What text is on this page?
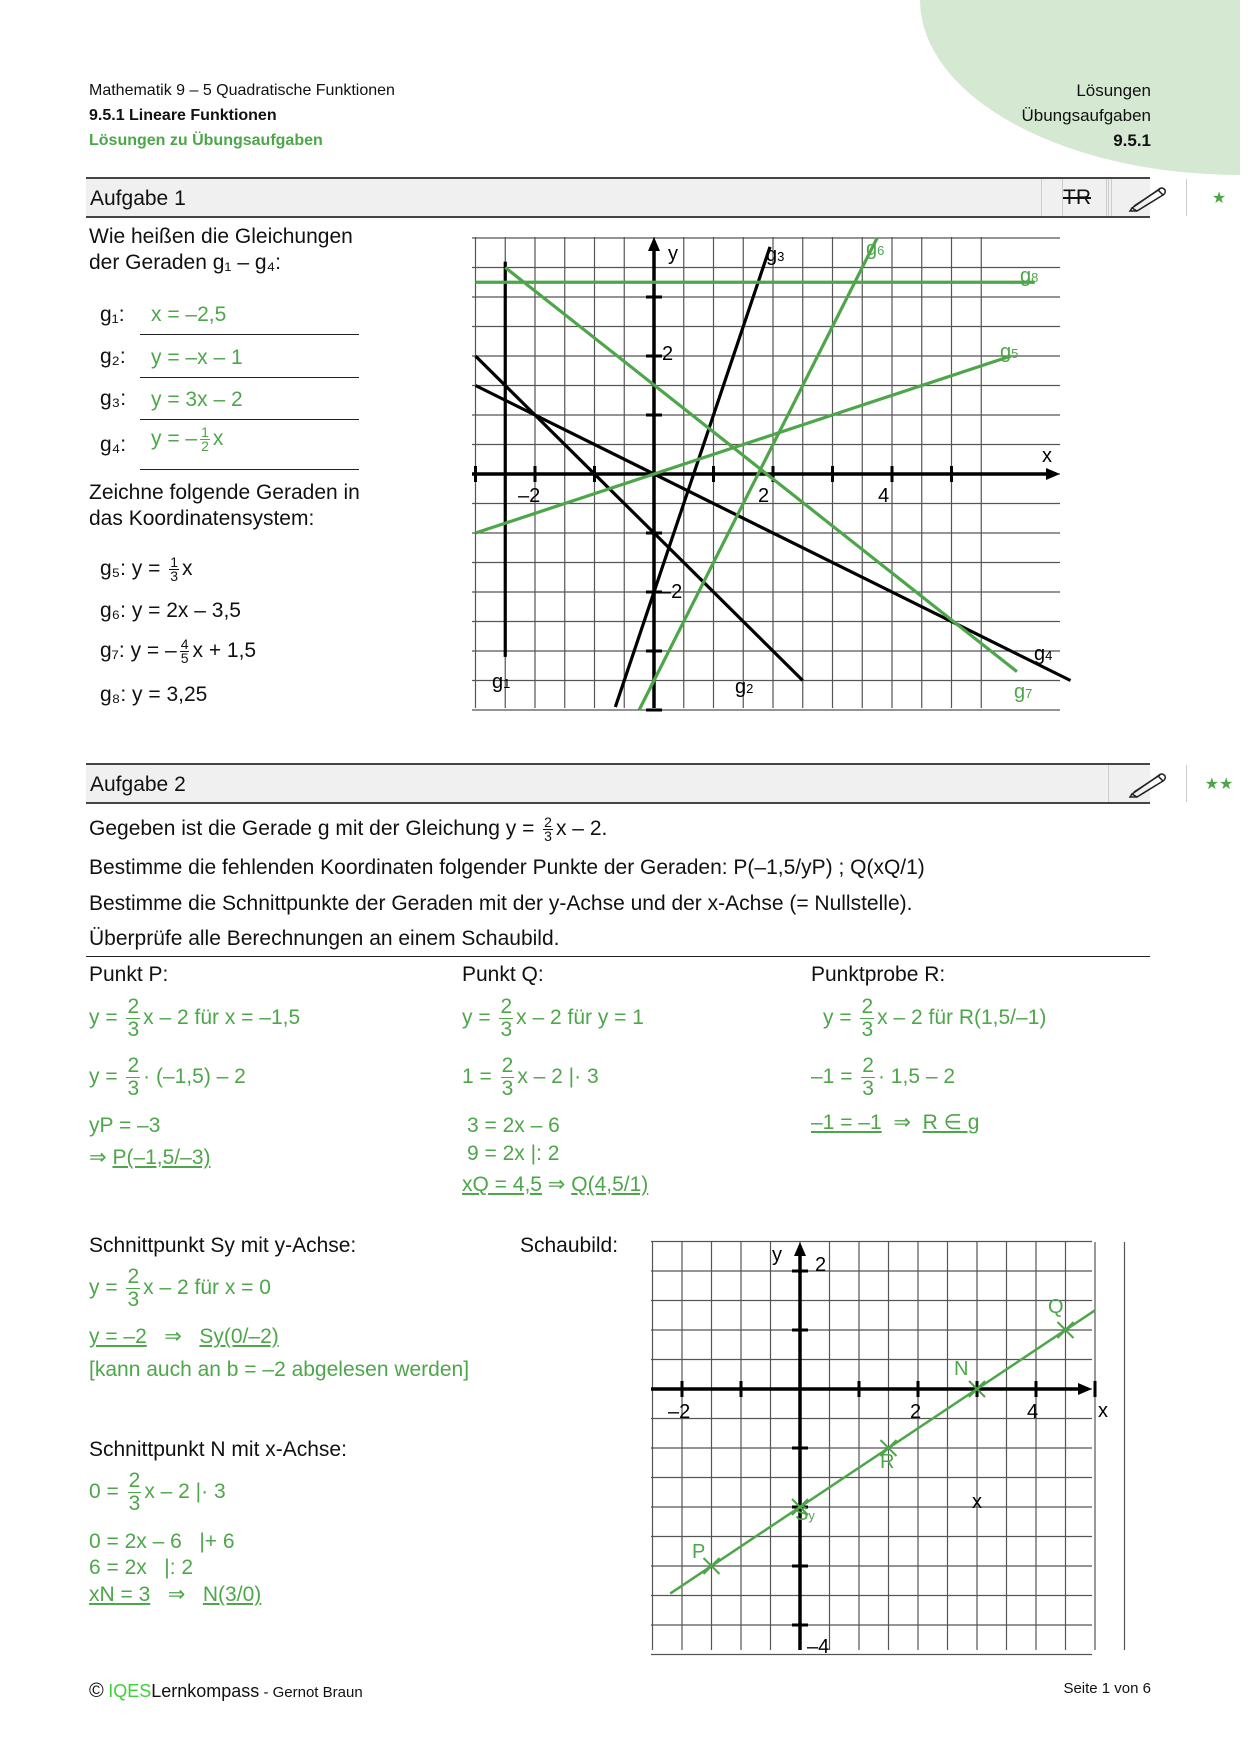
Mathematik 9 – 5 Quadratische Funktionen
9.5.1 Lineare Funktionen
Lösungen zu Übungsaufgaben
Lösungen
Übungsaufgaben
9.5.1
Aufgabe 1	TR	★
Wie heißen die Gleichungen
der Geraden g₁ – g₄:
g₁: x = –2,5
g₂: y = –x – 1
g₃: y = 3x – 2
g₄: y = – $\frac{1}{2}$ x
Zeichne folgende Geraden in
das Koordinatensystem:
g₅: $y = \frac{1}{3}$ x
g₆: y = 2x – 3,5
g₇: y = – $\frac{4}{5}$ x + 1,5
g₈: y = 3,25
y
x
–2	2	4
2
–2
g1	g2
g3
g4
g5
g6
g7
g8
Aufgabe 2	★★
Gegeben ist die Gerade g mit der Gleichung $y = \frac{2}{3}$ x – 2.
Bestimme die fehlenden Koordinaten folgender Punkte der Geraden: P(–1,5/yP) ; Q(xQ/1)
Bestimme die Schnittpunkte der Geraden mit der y-Achse und der x-Achse (= Nullstelle).
Überprüfe alle Berechnungen an einem Schaubild.
Punkt P:
$y = \frac{2}{3}$ x – 2 für x = –1,5
$y = \frac{2}{3} \cdot (-1,5) - 2$
yP = –3
⇒ P(–1,5/–3)
Punkt Q:
$y = \frac{2}{3}$ x – 2 für y = 1
$1 = \frac{2}{3}$ x – 2 |· 3
3 = 2x – 6
9 = 2x |: 2
xQ = 4,5 ⇒ Q(4,5/1)
Punktprobe R:
$y = \frac{2}{3}$ x – 2 für R(1,5/–1)
$-1 = \frac{2}{3} \cdot 1,5 - 2$
–1 = –1  ⇒  R ∈ g
Schnittpunkt Sy mit y-Achse:	Schaubild:
$y = \frac{2}{3}$ x – 2 für x = 0
y = –2   ⇒   Sy(0/–2)
[kann auch an b = –2 abgelesen werden]
Schnittpunkt N mit x-Achse:
$0 = \frac{2}{3}$ x – 2 |· 3
0 = 2x – 6   |+ 6
6 = 2x   |: 2
xN = 3   ⇒   N(3/0)
y
x
–2	2	4
2
–4
P
Sy
R
N
Q
x
© IQESLernkompass - Gernot Braun	Seite 1 von 6
